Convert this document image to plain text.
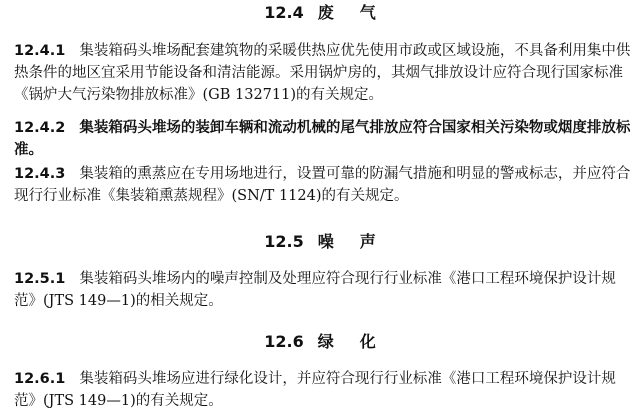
12.4 废气

12.4.1 集装箱码头堆场配套建筑物的采暖供热应优先使用市政或区域设施，不具备利用集中供热条件的地区宜采用节能设备和清洁能源。采用锅炉房的，其烟气排放设计应符合现行国家标准《锅炉大气污染物排放标准》(GB 132711)的有关规定。

12.4.2 集装箱码头堆场的装卸车辆和流动机械的尾气排放应符合国家相关污染物或烟度排放标准。

12.4.3 集装箱的熏蒸应在专用场地进行，设置可靠的防漏气措施和明显的警戒标志，并应符合现行行业标准《集装箱熏蒸规程》(SN/T 1124)的有关规定。

12.5 噪声

12.5.1 集装箱码头堆场内的噪声控制及处理应符合现行行业标准《港口工程环境保护设计规范》(JTS 149—1)的相关规定。

12.6 绿化

12.6.1 集装箱码头堆场应进行绿化设计，并应符合现行行业标准《港口工程环境保护设计规范》(JTS 149—1)的有关规定。
